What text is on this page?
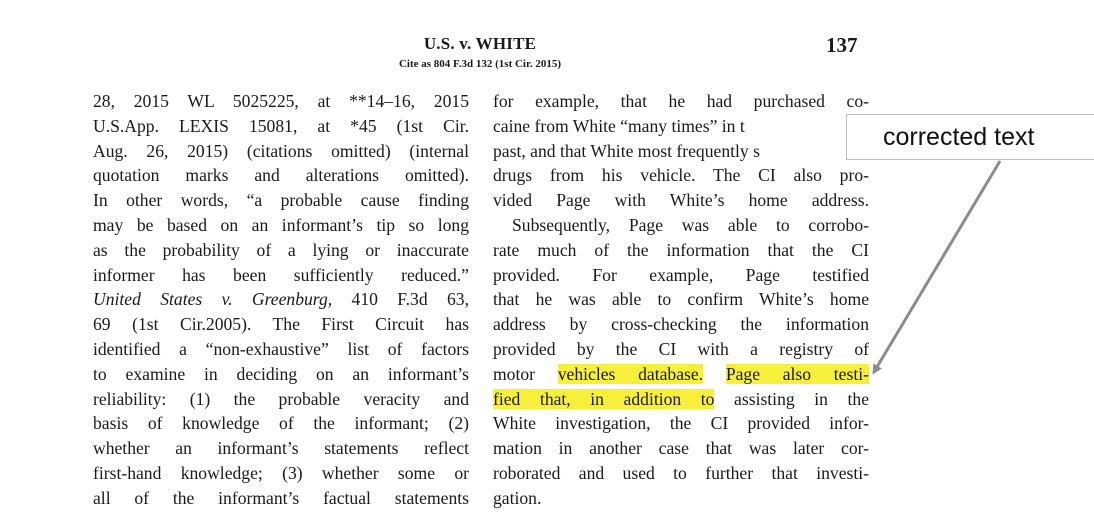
U.S. v. WHITE
Cite as 804 F.3d 132 (1st Cir. 2015)
137
28, 2015 WL 5025225, at **14–16, 2015
U.S.App. LEXIS 15081, at *45 (1st Cir.
Aug. 26, 2015) (citations omitted) (internal
quotation marks and alterations omitted).
In other words, “a probable cause finding
may be based on an informant’s tip so long
as the probability of a lying or inaccurate
informer has been sufficiently reduced.”
United States v. Greenburg, 410 F.3d 63,
69 (1st Cir.2005). The First Circuit has
identified a “non-exhaustive” list of factors
to examine in deciding on an informant’s
reliability: (1) the probable veracity and
basis of knowledge of the informant; (2)
whether an informant’s statements reflect
first-hand knowledge; (3) whether some or
all of the informant’s factual statements
for example, that he had purchased co-
caine from White “many times” in t
past, and that White most frequently s
drugs from his vehicle. The CI also pro-
vided Page with White’s home address.
Subsequently, Page was able to corrobo-
rate much of the information that the CI
provided. For example, Page testified
that he was able to confirm White’s home
address by cross-checking the information
provided by the CI with a registry of
motor vehicles database. Page also testi-
fied that, in addition to assisting in the
White investigation, the CI provided infor-
mation in another case that was later cor-
roborated and used to further that investi-
gation.
corrected text
